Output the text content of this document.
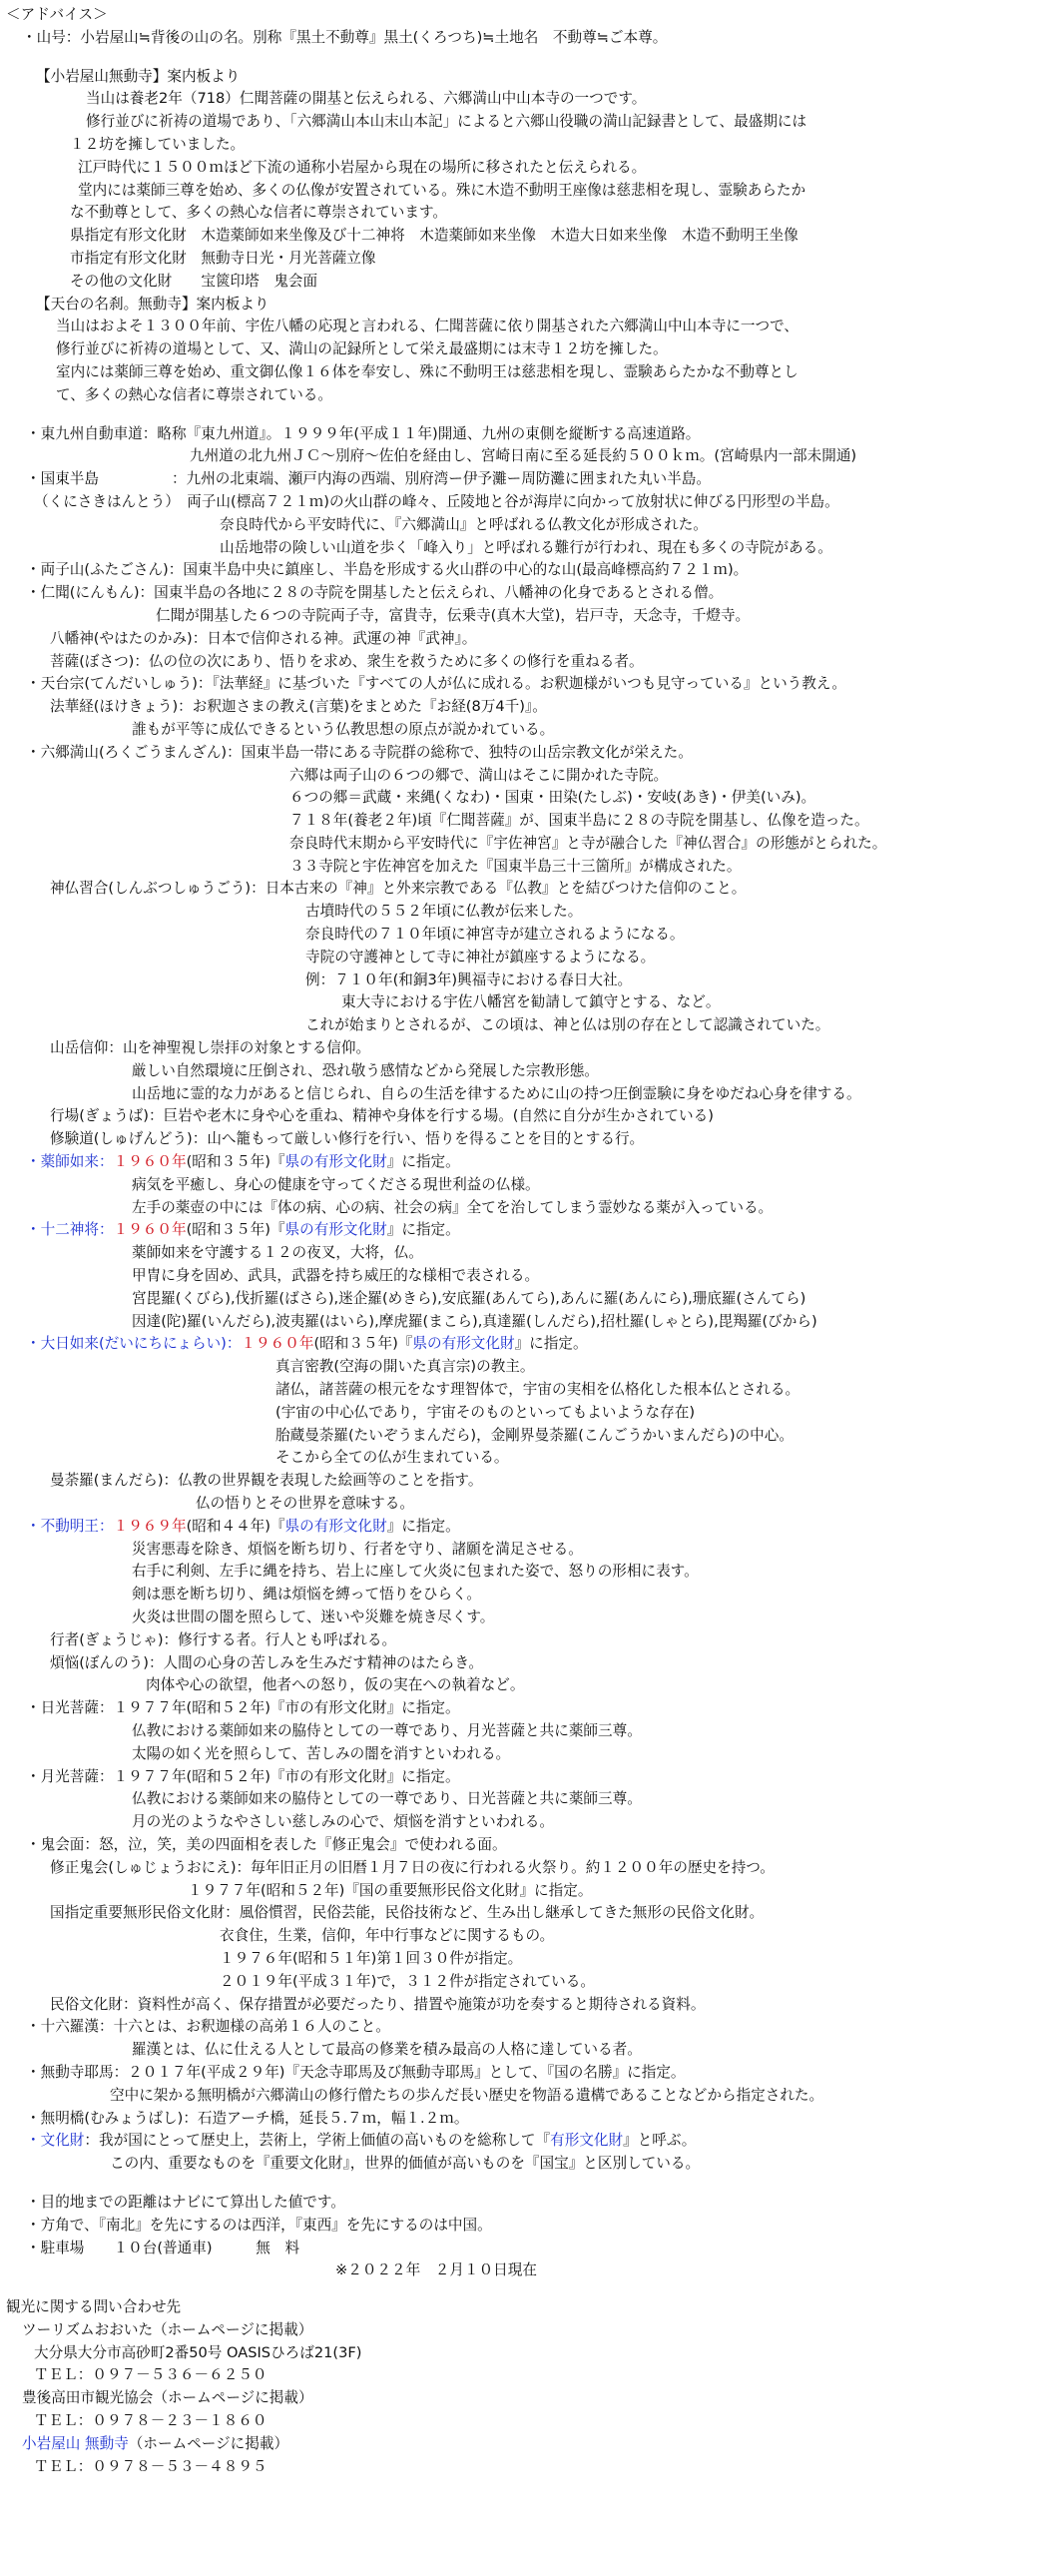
＜アドバイス＞
・山号：小岩屋山≒背後の山の名。別称『黒土不動尊』黒土(くろつち)≒土地名　不動尊≒ご本尊。
【小岩屋山無動寺】案内板より
当山は養老2年（718）仁聞菩薩の開基と伝えられる、六郷満山中山本寺の一つです。
修行並びに祈祷の道場であり、「六郷満山本山末山本記」によると六郷山役職の満山記録書として、最盛期には
１２坊を擁していました。
江戸時代に１５００ｍほど下流の通称小岩屋から現在の場所に移されたと伝えられる。
堂内には薬師三尊を始め、多くの仏像が安置されている。殊に木造不動明王座像は慈悲相を現し、霊験あらたか
な不動尊として、多くの熱心な信者に尊崇されています。
県指定有形文化財　木造薬師如来坐像及び十二神将　木造薬師如来坐像　木造大日如来坐像　木造不動明王坐像
市指定有形文化財　無動寺日光・月光菩薩立像
その他の文化財　　宝篋印塔　鬼会面
【天台の名刹。無動寺】案内板より
当山はおよそ１３００年前、宇佐八幡の応現と言われる、仁聞菩薩に依り開基された六郷満山中山本寺に一つで、
修行並びに祈祷の道場として、又、満山の記録所として栄え最盛期には末寺１２坊を擁した。
室内には薬師三尊を始め、重文御仏像１６体を奉安し、殊に不動明王は慈悲相を現し、霊験あらたかな不動尊とし
て、多くの熱心な信者に尊崇されている。
・東九州自動車道：略称『東九州道』。１９９９年(平成１１年)開通、九州の東側を縦断する高速道路。
九州道の北九州ＪＣ～別府～佐伯を経由し、宮崎日南に至る延長約５００ｋｍ。(宮崎県内一部未開通)
・国東半島　　　　　：九州の北東端、瀬戸内海の西端、別府湾ー伊予灘ー周防灘に囲まれた丸い半島。
（くにさきはんとう）　両子山(標高７２１ｍ)の火山群の峰々、丘陵地と谷が海岸に向かって放射状に伸びる円形型の半島。
奈良時代から平安時代に、『六郷満山』と呼ばれる仏教文化が形成された。
山岳地帯の険しい山道を歩く「峰入り」と呼ばれる難行が行われ、現在も多くの寺院がある。
・両子山(ふたごさん)：国東半島中央に鎮座し、半島を形成する火山群の中心的な山(最高峰標高約７２１ｍ)。
・仁聞(にんもん)：国東半島の各地に２８の寺院を開基したと伝えられ、八幡神の化身であるとされる僧。
仁聞が開基した６つの寺院両子寺，富貴寺，伝乗寺(真木大堂)，岩戸寺，天念寺，千燈寺。
八幡神(やはたのかみ)：日本で信仰される神。武運の神『武神』。
菩薩(ぼさつ)：仏の位の次にあり、悟りを求め、衆生を救うために多くの修行を重ねる者。
・天台宗(てんだいしゅう)：『法華経』に基づいた『すべての人が仏に成れる。お釈迦様がいつも見守っている』という教え。
法華経(ほけきょう)：お釈迦さまの教え(言葉)をまとめた『お経(8万4千)』。
誰もが平等に成仏できるという仏教思想の原点が説かれている。
・六郷満山(ろくごうまんざん)：国東半島一帯にある寺院群の総称で、独特の山岳宗教文化が栄えた。
六郷は両子山の６つの郷で、満山はそこに開かれた寺院。
６つの郷＝武蔵・来縄(くなわ)・国東・田染(たしぶ)・安岐(あき)・伊美(いみ)。
７１８年(養老２年)頃『仁聞菩薩』が、国東半島に２８の寺院を開基し、仏像を造った。
奈良時代末期から平安時代に『宇佐神宮』と寺が融合した『神仏習合』の形態がとられた。
３３寺院と宇佐神宮を加えた『国東半島三十三箇所』が構成された。
神仏習合(しんぶつしゅうごう)：日本古来の『神』と外来宗教である『仏教』とを結びつけた信仰のこと。
古墳時代の５５２年頃に仏教が伝来した。
奈良時代の７１０年頃に神宮寺が建立されるようになる。
寺院の守護神として寺に神社が鎮座するようになる。
例：７１０年(和銅3年)興福寺における春日大社。
東大寺における宇佐八幡宮を勧請して鎮守とする、など。
これが始まりとされるが、この頃は、神と仏は別の存在として認識されていた。
山岳信仰：山を神聖視し崇拝の対象とする信仰。
厳しい自然環境に圧倒され、恐れ敬う感情などから発展した宗教形態。
山岳地に霊的な力があると信じられ、自らの生活を律するために山の持つ圧倒霊験に身をゆだね心身を律する。
行場(ぎょうば)：巨岩や老木に身や心を重ね、精神や身体を行する場。(自然に自分が生かされている)
修験道(しゅげんどう)：山へ籠もって厳しい修行を行い、悟りを得ることを目的とする行。
・薬師如来：１９６０年(昭和３５年)『県の有形文化財』に指定。
病気を平癒し、身心の健康を守ってくださる現世利益の仏様。
左手の薬壺の中には『体の病、心の病、社会の病』全てを治してしまう霊妙なる薬が入っている。
・十二神将：１９６０年(昭和３５年)『県の有形文化財』に指定。
薬師如来を守護する１２の夜叉，大将，仏。
甲冑に身を固め、武具，武器を持ち威圧的な様相で表される。
宮毘羅(くびら),伐折羅(ばさら),迷企羅(めきら),安底羅(あんてら),あんに羅(あんにら),珊底羅(さんてら)
因達(陀)羅(いんだら),波夷羅(はいら),摩虎羅(まこら),真達羅(しんだら),招杜羅(しゃとら),毘羯羅(びから)
・大日如来(だいにちにょらい)：１９６０年(昭和３５年)『県の有形文化財』に指定。
真言密教(空海の開いた真言宗)の教主。
諸仏，諸菩薩の根元をなす理智体で，宇宙の実相を仏格化した根本仏とされる。
(宇宙の中心仏であり，宇宙そのものといってもよいような存在)
胎蔵曼荼羅(たいぞうまんだら)，金剛界曼荼羅(こんごうかいまんだら)の中心。
そこから全ての仏が生まれている。
曼荼羅(まんだら)：仏教の世界観を表現した絵画等のことを指す。
仏の悟りとその世界を意味する。
・不動明王：１９６９年(昭和４４年)『県の有形文化財』に指定。
災害悪毒を除き、煩悩を断ち切り、行者を守り、諸願を満足させる。
右手に利剣、左手に縄を持ち、岩上に座して火炎に包まれた姿で、怒りの形相に表す。
剣は悪を断ち切り、縄は煩悩を縛って悟りをひらく。
火炎は世間の闇を照らして、迷いや災難を焼き尽くす。
行者(ぎょうじゃ)：修行する者。行人とも呼ばれる。
煩悩(ぼんのう)：人間の心身の苦しみを生みだす精神のはたらき。
肉体や心の欲望，他者への怒り，仮の実在への執着など。
・日光菩薩：１９７７年(昭和５２年)『市の有形文化財』に指定。
仏教における薬師如来の脇侍としての一尊であり、月光菩薩と共に薬師三尊。
太陽の如く光を照らして、苦しみの闇を消すといわれる。
・月光菩薩：１９７７年(昭和５２年)『市の有形文化財』に指定。
仏教における薬師如来の脇侍としての一尊であり、日光菩薩と共に薬師三尊。
月の光のようなやさしい慈しみの心で、煩悩を消すといわれる。
・鬼会面：怒，泣，笑，美の四面相を表した『修正鬼会』で使われる面。
修正鬼会(しゅじょうおにえ)：毎年旧正月の旧暦１月７日の夜に行われる火祭り。約１２００年の歴史を持つ。
１９７７年(昭和５２年)『国の重要無形民俗文化財』に指定。
国指定重要無形民俗文化財：風俗慣習，民俗芸能，民俗技術など、生み出し継承してきた無形の民俗文化財。
衣食住，生業，信仰，年中行事などに関するもの。
１９７６年(昭和５１年)第１回３０件が指定。
２０１９年(平成３１年)で，３１２件が指定されている。
民俗文化財：資料性が高く、保存措置が必要だったり、措置や施策が功を奏すると期待される資料。
・十六羅漢：十六とは、お釈迦様の高弟１６人のこと。
羅漢とは、仏に仕える人として最高の修業を積み最高の人格に達している者。
・無動寺耶馬：２０１７年(平成２９年)『天念寺耶馬及び無動寺耶馬』として、『国の名勝』に指定。
空中に架かる無明橋が六郷満山の修行僧たちの歩んだ長い歴史を物語る遺構であることなどから指定された。
・無明橋(むみょうばし)：石造アーチ橋，延長５.７ｍ，幅１.２ｍ。
・文化財：我が国にとって歴史上，芸術上，学術上価値の高いものを総称して『有形文化財』と呼ぶ。
この内、重要なものを『重要文化財』，世界的価値が高いものを『国宝』と区別している。
・目的地までの距離はナビにて算出した値です。
・方角で、『南北』を先にするのは西洋，『東西』を先にするのは中国。
・駐車場　　１０台(普通車)　　　無　料
※２０２２年　２月１０日現在
観光に関する問い合わせ先
ツーリズムおおいた（ホームページに掲載）
大分県大分市高砂町2番50号 OASISひろば21(3F)
ＴＥＬ：０９７－５３６－６２５０
豊後高田市観光協会（ホームページに掲載）
ＴＥＬ：０９７８－２３－１８６０
小岩屋山 無動寺（ホームページに掲載）
ＴＥＬ：０９７８－５３－４８９５
